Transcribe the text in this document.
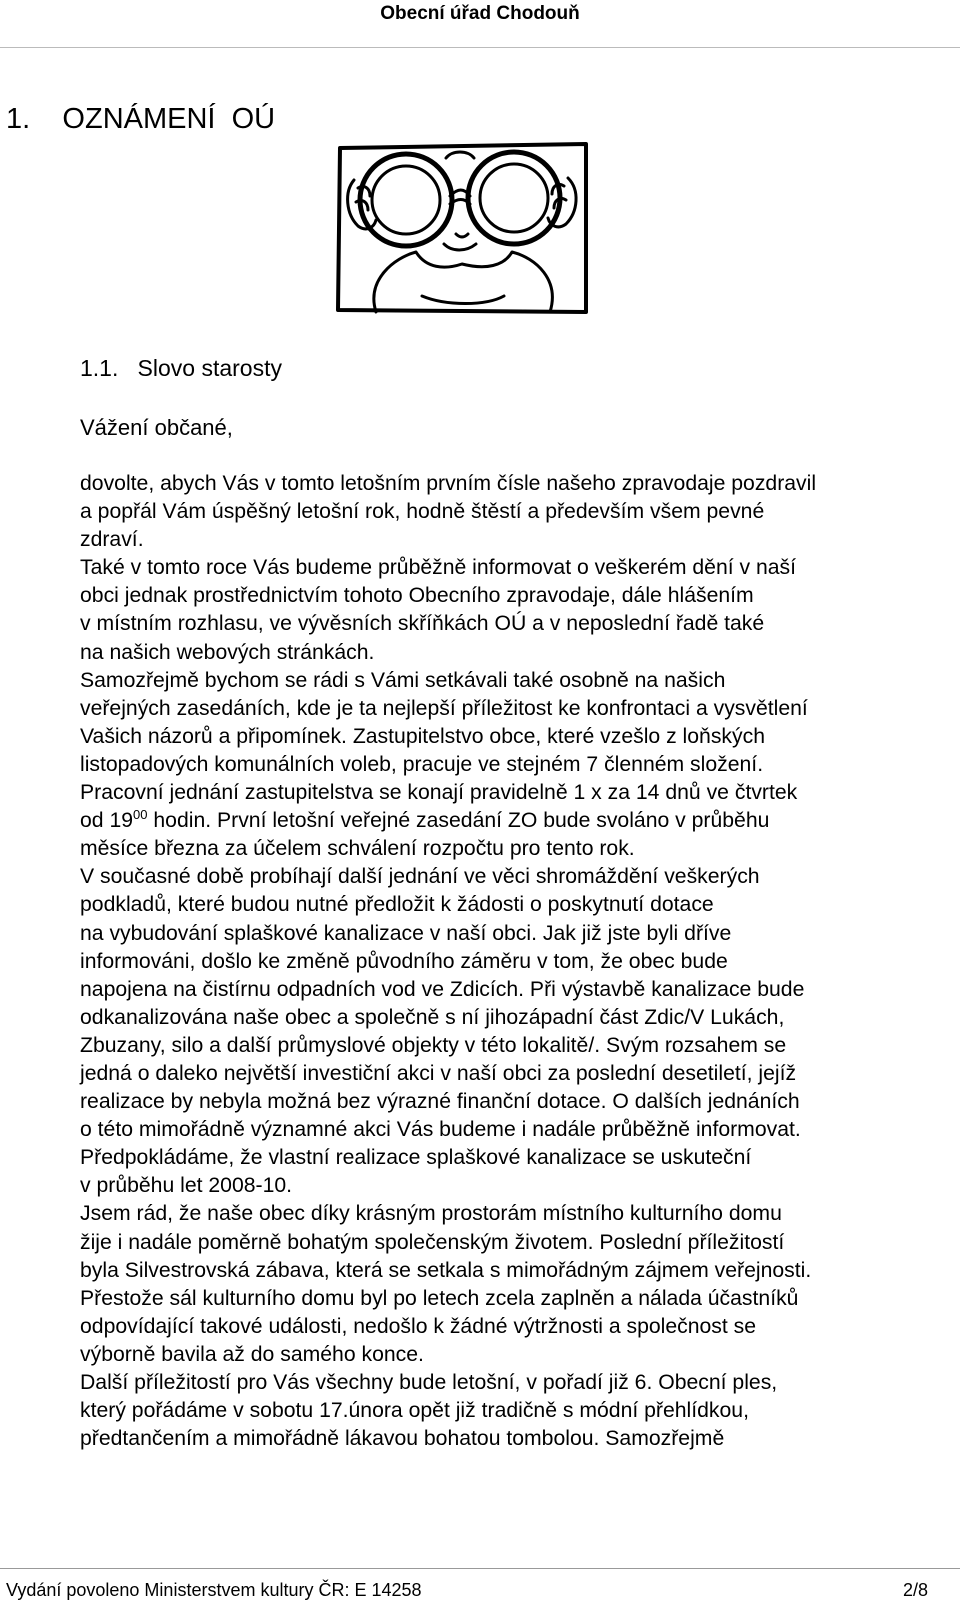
Obecní úřad Chodouň
1. OZNÁMENÍ  OÚ
1.1. Slovo starosty
Vážení občané,
dovolte, abych Vás v tomto letošním prvním čísle našeho zpravodaje pozdravil
a popřál Vám úspěšný letošní rok, hodně štěstí a především všem pevné
zdraví.
Také v tomto roce Vás budeme průběžně informovat o veškerém dění v naší
obci jednak prostřednictvím tohoto Obecního zpravodaje, dále hlášením
v místním rozhlasu, ve vývěsních skříňkách OÚ a v neposlední řadě také
na našich webových stránkách.
Samozřejmě bychom se rádi s Vámi setkávali také osobně na našich
veřejných zasedáních, kde je ta nejlepší příležitost ke konfrontaci a vysvětlení
Vašich názorů a připomínek. Zastupitelstvo obce, které vzešlo z loňských
listopadových komunálních voleb, pracuje ve stejném 7 členném složení.
Pracovní jednání zastupitelstva se konají pravidelně 1 x za 14 dnů ve čtvrtek
od $19^{00}$ hodin. První letošní veřejné zasedání ZO bude svoláno v průběhu
měsíce března za účelem schválení rozpočtu pro tento rok.
V současné době probíhají další jednání ve věci shromáždění veškerých
podkladů, které budou nutné předložit k žádosti o poskytnutí dotace
na vybudování splaškové kanalizace v naší obci. Jak již jste byli dříve
informováni, došlo ke změně původního záměru v tom, že obec bude
napojena na čistírnu odpadních vod ve Zdicích. Při výstavbě kanalizace bude
odkanalizována naše obec a společně s ní jihozápadní část Zdic/V Lukách,
Zbuzany, silo a další průmyslové objekty v této lokalitě/. Svým rozsahem se
jedná o daleko největší investiční akci v naší obci za poslední desetiletí, jejíž
realizace by nebyla možná bez výrazné finanční dotace. O dalších jednáních
o této mimořádně významné akci Vás budeme i nadále průběžně informovat.
Předpokládáme, že vlastní realizace splaškové kanalizace se uskuteční
v průběhu let 2008-10.
Jsem rád, že naše obec díky krásným prostorám místního kulturního domu
žije i nadále poměrně bohatým společenským životem. Poslední příležitostí
byla Silvestrovská zábava, která se setkala s mimořádným zájmem veřejnosti.
Přestože sál kulturního domu byl po letech zcela zaplněn a nálada účastníků
odpovídající takové události, nedošlo k žádné výtržnosti a společnost se
výborně bavila až do samého konce.
Další příležitostí pro Vás všechny bude letošní, v pořadí již 6. Obecní ples,
který pořádáme v sobotu 17.února opět již tradičně s módní přehlídkou,
předtančením a mimořádně lákavou bohatou tombolou. Samozřejmě
Vydání povoleno Ministerstvem kultury ČR: E 14258	2/8
